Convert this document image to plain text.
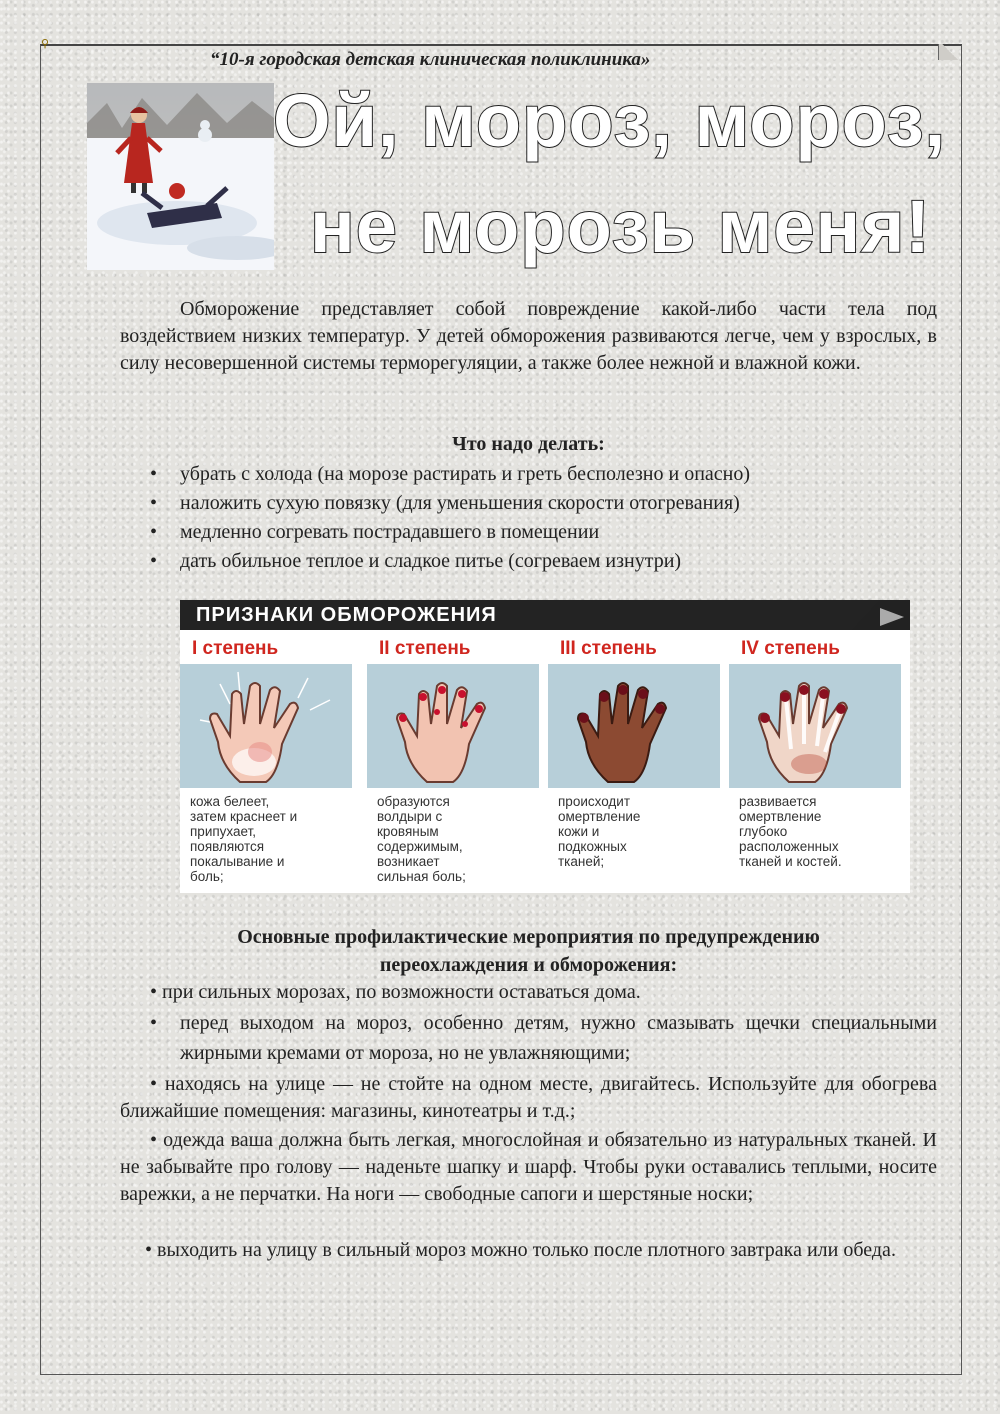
⚲
“10-я городская детская клиническая поликлиника»
Ой, мороз, мороз,
не морозь меня!

Обморожение представляет собой повреждение какой-либо части тела под воздействием низких температур. У детей обморожения развиваются легче, чем у взрослых, в силу несовершенной системы терморегуляции, а также более нежной и влажной кожи.

Что надо делать:
• убрать с холода (на морозе растирать и греть бесполезно и опасно)
• наложить сухую повязку (для уменьшения скорости отогревания)
• медленно согревать пострадавшего в помещении
• дать обильное теплое и сладкое питье (согреваем изнутри)
ПРИЗНАКИ ОБМОРОЖЕНИЯ
I степень
кожа белеет,
затем краснеет и
припухает,
появляются
покалывание и
боль;
II степень
образуются
волдыри с
кровяным
содержимым,
возникает
сильная боль;
III степень
происходит
омертвление
кожи и
подкожных
тканей;
IV степень
развивается
омертвление
глубоко
расположенных
тканей и костей.
Основные профилактические мероприятия по предупреждению
переохлаждения и обморожения:

• при сильных морозах, по возможности оставаться дома.

• перед выходом на мороз, особенно детям, нужно смазывать щечки специальными жирными кремами от мороза, но не увлажняющими;

• находясь на улице — не стойте на одном месте, двигайтесь. Используйте для обогрева ближайшие помещения: магазины, кинотеатры и т.д.;

• одежда ваша должна быть легкая, многослойная и обязательно из натуральных тканей. И не забывайте про голову — наденьте шапку и шарф. Чтобы руки оставались теплыми, носите варежки, а не перчатки. На ноги — свободные сапоги и шерстяные носки;

• выходить на улицу в сильный мороз можно только после плотного завтрака или обеда.
